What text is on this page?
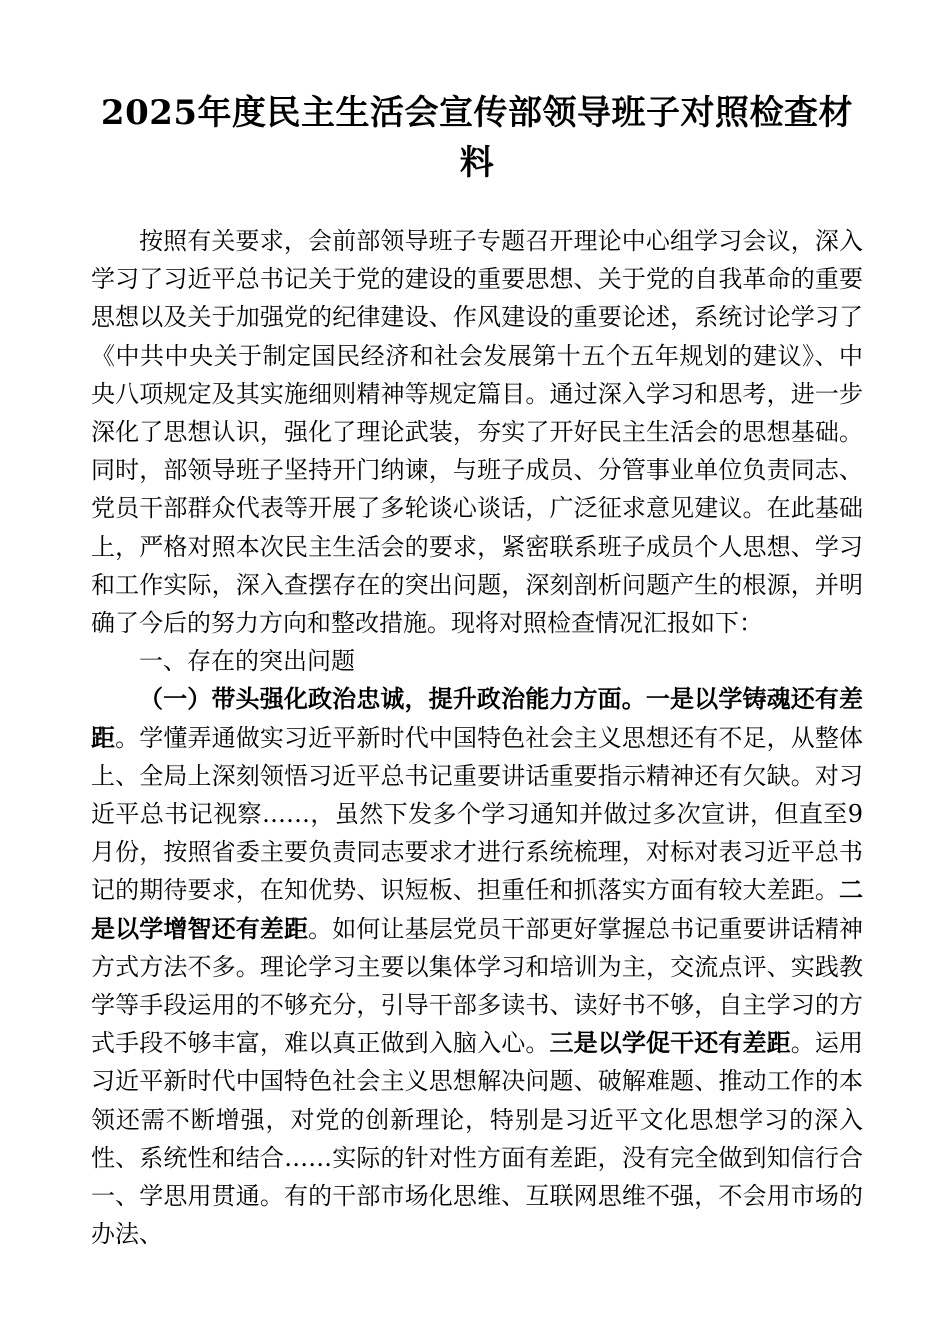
2025年度民主生活会宣传部领导班子对照检查材料

按照有关要求，会前部领导班子专题召开理论中心组学习会议，深入学习了习近平总书记关于党的建设的重要思想、关于党的自我革命的重要思想以及关于加强党的纪律建设、作风建设的重要论述，系统讨论学习了《中共中央关于制定国民经济和社会发展第十五个五年规划的建议》、中央八项规定及其实施细则精神等规定篇目。通过深入学习和思考，进一步深化了思想认识，强化了理论武装，夯实了开好民主生活会的思想基础。同时，部领导班子坚持开门纳谏，与班子成员、分管事业单位负责同志、党员干部群众代表等开展了多轮谈心谈话，广泛征求意见建议。在此基础上，严格对照本次民主生活会的要求，紧密联系班子成员个人思想、学习和工作实际，深入查摆存在的突出问题，深刻剖析问题产生的根源，并明确了今后的努力方向和整改措施。现将对照检查情况汇报如下：

一、存在的突出问题

（一）带头强化政治忠诚，提升政治能力方面。一是以学铸魂还有差距。学懂弄通做实习近平新时代中国特色社会主义思想还有不足，从整体上、全局上深刻领悟习近平总书记重要讲话重要指示精神还有欠缺。对习近平总书记视察……，虽然下发多个学习通知并做过多次宣讲，但直至9月份，按照省委主要负责同志要求才进行系统梳理，对标对表习近平总书记的期待要求，在知优势、识短板、担重任和抓落实方面有较大差距。二是以学增智还有差距。如何让基层党员干部更好掌握总书记重要讲话精神方式方法不多。理论学习主要以集体学习和培训为主，交流点评、实践教学等手段运用的不够充分，引导干部多读书、读好书不够，自主学习的方式手段不够丰富，难以真正做到入脑入心。三是以学促干还有差距。运用习近平新时代中国特色社会主义思想解决问题、破解难题、推动工作的本领还需不断增强，对党的创新理论，特别是习近平文化思想学习的深入性、系统性和结合……实际的针对性方面有差距，没有完全做到知信行合一、学思用贯通。有的干部市场化思维、互联网思维不强，不会用市场的办法、
